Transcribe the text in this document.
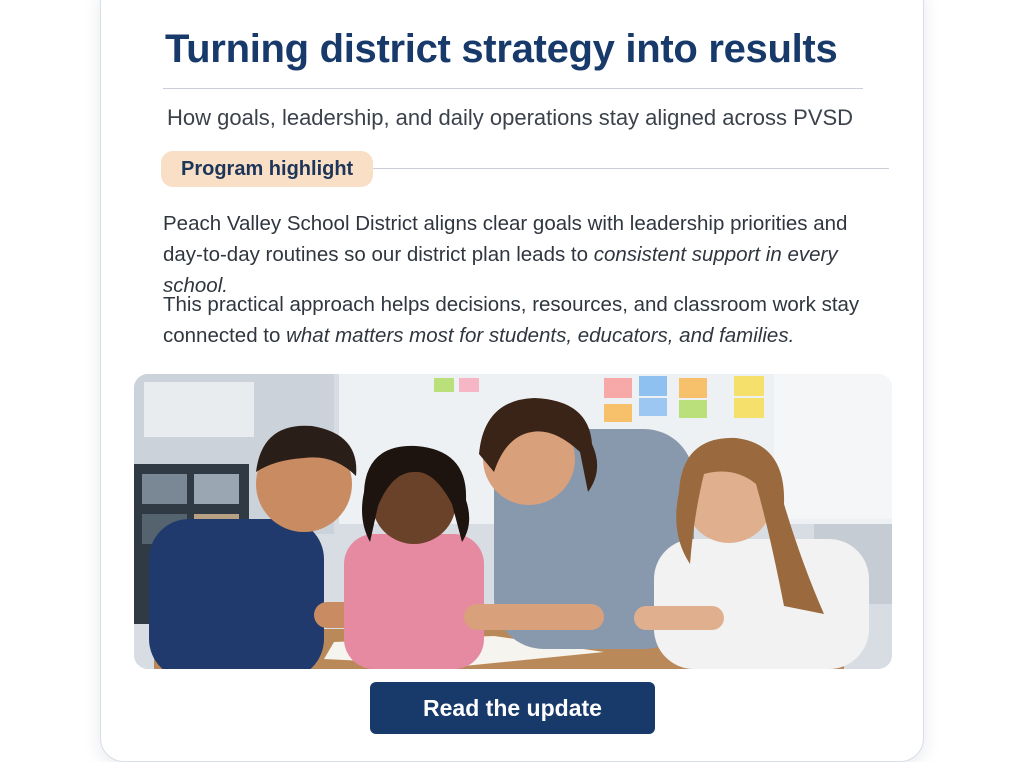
Turning district strategy into results
How goals, leadership, and daily operations stay aligned across PVSD
Program highlight

Peach Valley School District aligns clear goals with leadership priorities and day-to-day routines so our district plan leads to consistent support in every school.

This practical approach helps decisions, resources, and classroom work stay connected to what matters most for students, educators, and families.

Read the update
